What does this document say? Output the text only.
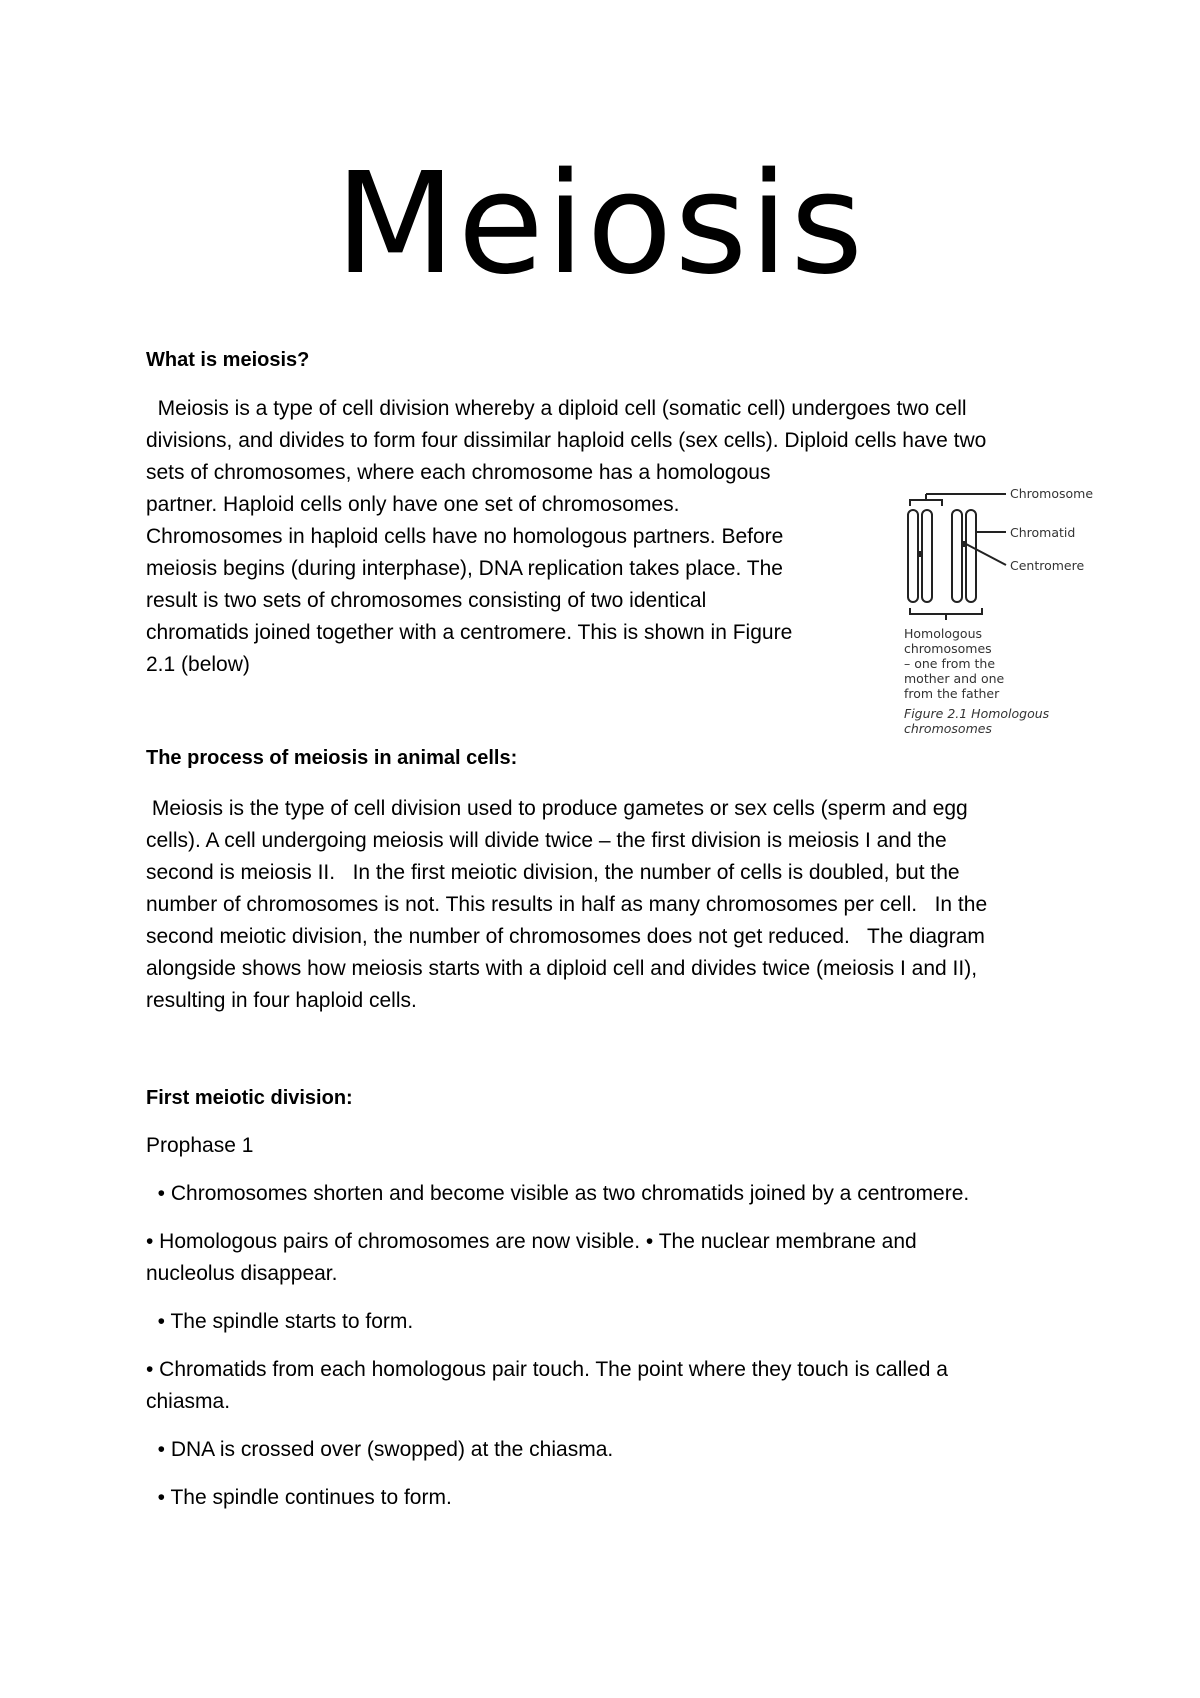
Meiosis
What is meiosis?

Meiosis is a type of cell division whereby a diploid cell (somatic cell) undergoes two cell

divisions, and divides to form four dissimilar haploid cells (sex cells). Diploid cells have two

sets of chromosomes, where each chromosome has a homologous

partner. Haploid cells only have one set of chromosomes.

Chromosomes in haploid cells have no homologous partners. Before

meiosis begins (during interphase), DNA replication takes place. The

result is two sets of chromosomes consisting of two identical

chromatids joined together with a centromere. This is shown in Figure

2.1 (below)

Chromosome
Chromatid
Centromere
Homologous
chromosomes
– one from the
mother and one
from the father
Figure 2.1 Homologous
chromosomes
The process of meiosis in animal cells:

Meiosis is the type of cell division used to produce gametes or sex cells (sperm and egg

cells). A cell undergoing meiosis will divide twice – the first division is meiosis I and the

second is meiosis II.   In the first meiotic division, the number of cells is doubled, but the

number of chromosomes is not. This results in half as many chromosomes per cell.   In the

second meiotic division, the number of chromosomes does not get reduced.   The diagram

alongside shows how meiosis starts with a diploid cell and divides twice (meiosis I and II),

resulting in four haploid cells.

First meiotic division:

Prophase 1

• Chromosomes shorten and become visible as two chromatids joined by a centromere.

• Homologous pairs of chromosomes are now visible. • The nuclear membrane and nucleolus disappear.

• The spindle starts to form.

• Chromatids from each homologous pair touch. The point where they touch is called a chiasma.

• DNA is crossed over (swopped) at the chiasma.

• The spindle continues to form.
